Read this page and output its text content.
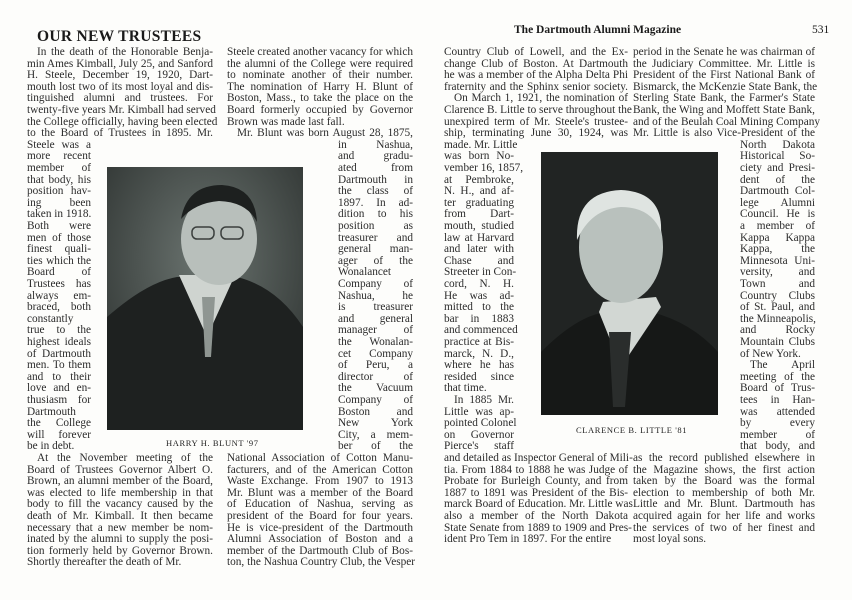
OUR NEW TRUSTEES	The Dartmouth Alumni Magazine	531
HARRY H. BLUNT '97
CLARENCE B. LITTLE '81
In the death of the Honorable Benja-
min Ames Kimball, July 25, and Sanford
H. Steele, December 19, 1920, Dart-
mouth lost two of its most loyal and dis-
tinguished alumni and trustees. For
twenty-five years Mr. Kimball had served
the College officially, having been elected
to the Board of Trustees in 1895. Mr.
Steele was a
more recent
member of
that body, his
position hav-
ing been
taken in 1918.
Both were
men of those
finest quali-
ties which the
Board of
Trustees has
always em-
braced, both
constantly
true to the
highest ideals
of Dartmouth
men. To them
and to their
love and en-
thusiasm for
Dartmouth
the College
will forever
be in debt.
At the November meeting of the
Board of Trustees Governor Albert O.
Brown, an alumni member of the Board,
was elected to life membership in that
body to fill the vacancy caused by the
death of Mr. Kimball. It then became
necessary that a new member be nom-
inated by the alumni to supply the posi-
tion formerly held by Governor Brown.
Shortly thereafter the death of Mr.
Steele created another vacancy for which
the alumni of the College were required
to nominate another of their number.
The nomination of Harry H. Blunt of
Boston, Mass., to take the place on the
Board formerly occupied by Governor
Brown was made last fall.
Mr. Blunt was born August 28, 1875,
in Nashua,
and gradu-
ated from
Dartmouth in
the class of
1897. In ad-
dition to his
position as
treasurer and
general man-
ager of the
Wonalancet
Company of
Nashua, he
is treasurer
and general
manager of
the Wonalan-
cet Company
of Peru, a
director of
the Vacuum
Company of
Boston and
New York
City, a mem-
ber of the
National Association of Cotton Manu-
facturers, and of the American Cotton
Waste Exchange. From 1907 to 1913
Mr. Blunt was a member of the Board
of Education of Nashua, serving as
president of the Board for four years.
He is vice-president of the Dartmouth
Alumni Association of Boston and a
member of the Dartmouth Club of Bos-
ton, the Nashua Country Club, the Vesper
Country Club of Lowell, and the Ex-
change Club of Boston. At Dartmouth
he was a member of the Alpha Delta Phi
fraternity and the Sphinx senior society.
On March 1, 1921, the nomination of
Clarence B. Little to serve throughout the
unexpired term of Mr. Steele's trustee-
ship, terminating June 30, 1924, was
made. Mr. Little
was born No-
vember 16, 1857,
at Pembroke,
N. H., and af-
ter graduating
from Dart-
mouth, studied
law at Harvard
and later with
Chase and
Streeter in Con-
cord, N. H.
He was ad-
mitted to the
bar in 1883
and commenced
practice at Bis-
marck, N. D.,
where he has
resided since
that time.
In 1885 Mr.
Little was ap-
pointed Colonel
on Governor
Pierce's staff
and detailed as Inspector General of Mili-
tia. From 1884 to 1888 he was Judge of
Probate for Burleigh County, and from
1887 to 1891 was President of the Bis-
marck Board of Education. Mr. Little was
also a member of the North Dakota
State Senate from 1889 to 1909 and Pres-
ident Pro Tem in 1897. For the entire
period in the Senate he was chairman of
the Judiciary Committee. Mr. Little is
President of the First National Bank of
Bismarck, the McKenzie State Bank, the
Sterling State Bank, the Farmer's State
Bank, the Wing and Moffett State Bank,
and of the Beulah Coal Mining Company
Mr. Little is also Vice-President of the
North Dakota
Historical So-
ciety and Presi-
dent of the
Dartmouth Col-
lege Alumni
Council. He is
a member of
Kappa Kappa
Kappa, the
Minnesota Uni-
versity, and
Town and
Country Clubs
of St. Paul, and
the Minneapolis,
and Rocky
Mountain Clubs
of New York.
The April
meeting of the
Board of Trus-
tees in Han-
was attended
by every
member of
that body, and
as the record published elsewhere in
the Magazine shows, the first action
taken by the Board was the formal
election to membership of both Mr.
Little and Mr. Blunt. Dartmouth has
acquired again for her life and works
the services of two of her finest and
most loyal sons.
